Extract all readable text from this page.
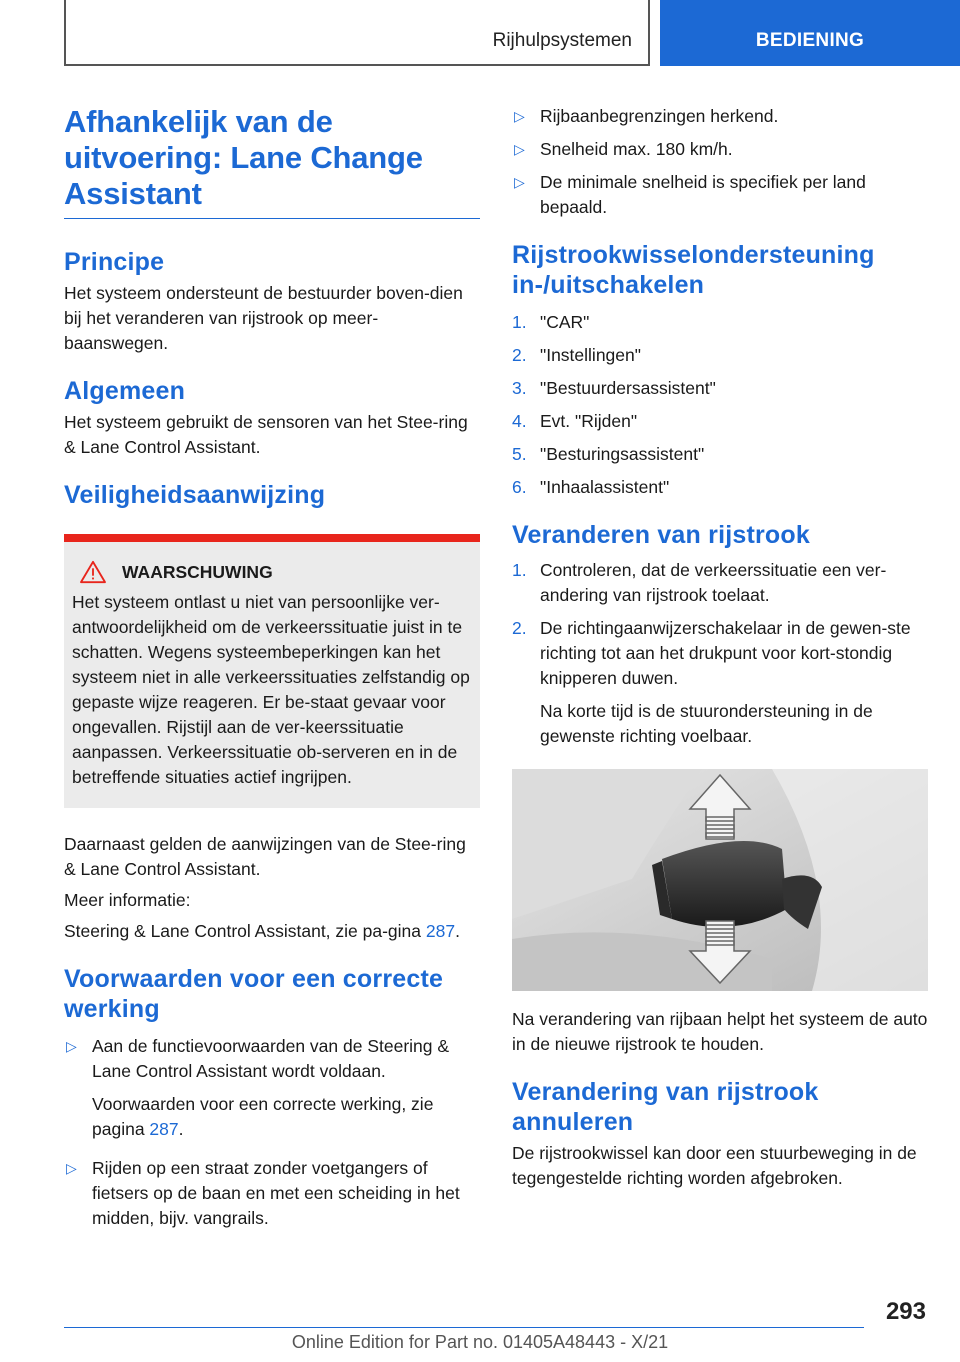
Rijhulpsystemen	BEDIENING
Afhankelijk van de uitvoering: Lane Change Assistant
Principe
Het systeem ondersteunt de bestuurder boven-dien bij het veranderen van rijstrook op meer-baanswegen.
Algemeen
Het systeem gebruikt de sensoren van het Stee-ring & Lane Control Assistant.
Veiligheidsaanwijzing
WAARSCHUWING
Het systeem ontlast u niet van persoonlijke ver-antwoordelijkheid om de verkeerssituatie juist in te schatten. Wegens systeembeperkingen kan het systeem niet in alle verkeerssituaties zelfstandig op gepaste wijze reageren. Er be-staat gevaar voor ongevallen. Rijstijl aan de ver-keerssituatie aanpassen. Verkeerssituatie ob-serveren en in de betreffende situaties actief ingrijpen.
Daarnaast gelden de aanwijzingen van de Stee-ring & Lane Control Assistant.
Meer informatie:
Steering & Lane Control Assistant, zie pa-gina 287.
Voorwaarden voor een correcte werking
▷ Aan de functievoorwaarden van de Steering & Lane Control Assistant wordt voldaan.
Voorwaarden voor een correcte werking, zie pagina 287.
▷ Rijden op een straat zonder voetgangers of fietsers op de baan en met een scheiding in het midden, bijv. vangrails.
▷ Rijbaanbegrenzingen herkend.
▷ Snelheid max. 180 km/h.
▷ De minimale snelheid is specifiek per land bepaald.
Rijstrookwisselondersteuning in-/uitschakelen
1. "CAR"
2. "Instellingen"
3. "Bestuurdersassistent"
4. Evt. "Rijden"
5. "Besturingsassistent"
6. "Inhaalassistent"
Veranderen van rijstrook
1. Controleren, dat de verkeerssituatie een ver-andering van rijstrook toelaat.
2. De richtingaanwijzerschakelaar in de gewen-ste richting tot aan het drukpunt voor kort-stondig knipperen duwen.
Na korte tijd is de stuurondersteuning in de gewenste richting voelbaar.
Na verandering van rijbaan helpt het systeem de auto in de nieuwe rijstrook te houden.
Verandering van rijstrook annuleren
De rijstrookwissel kan door een stuurbeweging in de tegengestelde richting worden afgebroken.
293
Online Edition for Part no. 01405A48443 - X/21
